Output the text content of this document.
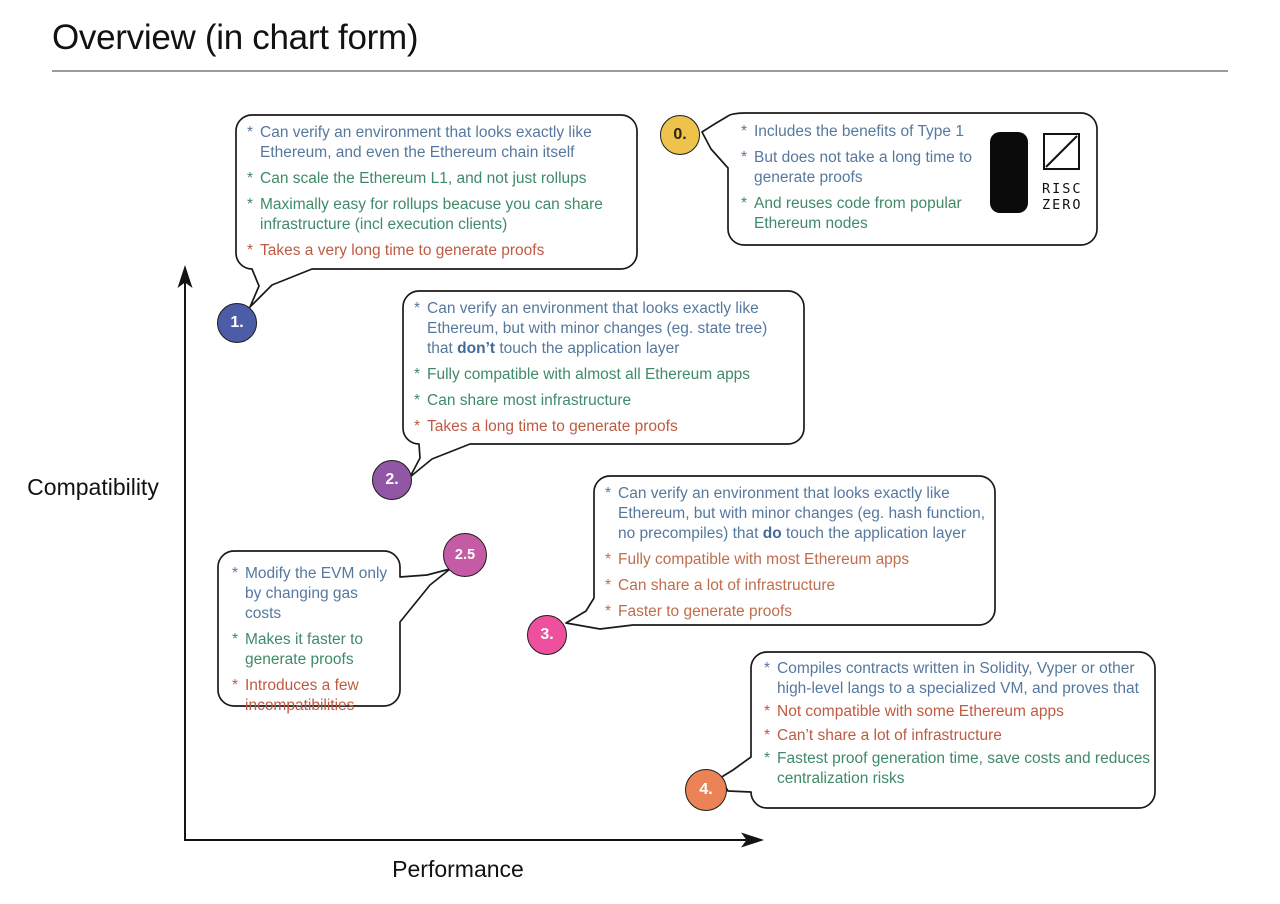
Overview (in chart form)
Compatibility
Performance
* Can verify an environment that looks exactly like Ethereum, and even the Ethereum chain itself
* Can scale the Ethereum L1, and not just rollups
* Maximally easy for rollups beacuse you can share infrastructure (incl execution clients)
* Takes a very long time to generate proofs
* Includes the benefits of Type 1
* But does not take a long time to generate proofs
* And reuses code from popular Ethereum nodes
* Can verify an environment that looks exactly like Ethereum, but with minor changes (eg. state tree) that don’t touch the application layer
* Fully compatible with almost all Ethereum apps
* Can share most infrastructure
* Takes a long time to generate proofs
* Can verify an environment that looks exactly like Ethereum, but with minor changes (eg. hash function, no precompiles) that do touch the application layer
* Fully compatible with most Ethereum apps
* Can share a lot of infrastructure
* Faster to generate proofs
* Modify the EVM only by changing gas costs
* Makes it faster to generate proofs
* Introduces a few incompatibilities
* Compiles contracts written in Solidity, Vyper or other high-level langs to a specialized VM, and proves that
* Not compatible with some Ethereum apps
* Can’t share a lot of infrastructure
* Fastest proof generation time, save costs and reduces centralization risks
0.
1.
2.
2.5
3.
4.
RISC
ZERO
